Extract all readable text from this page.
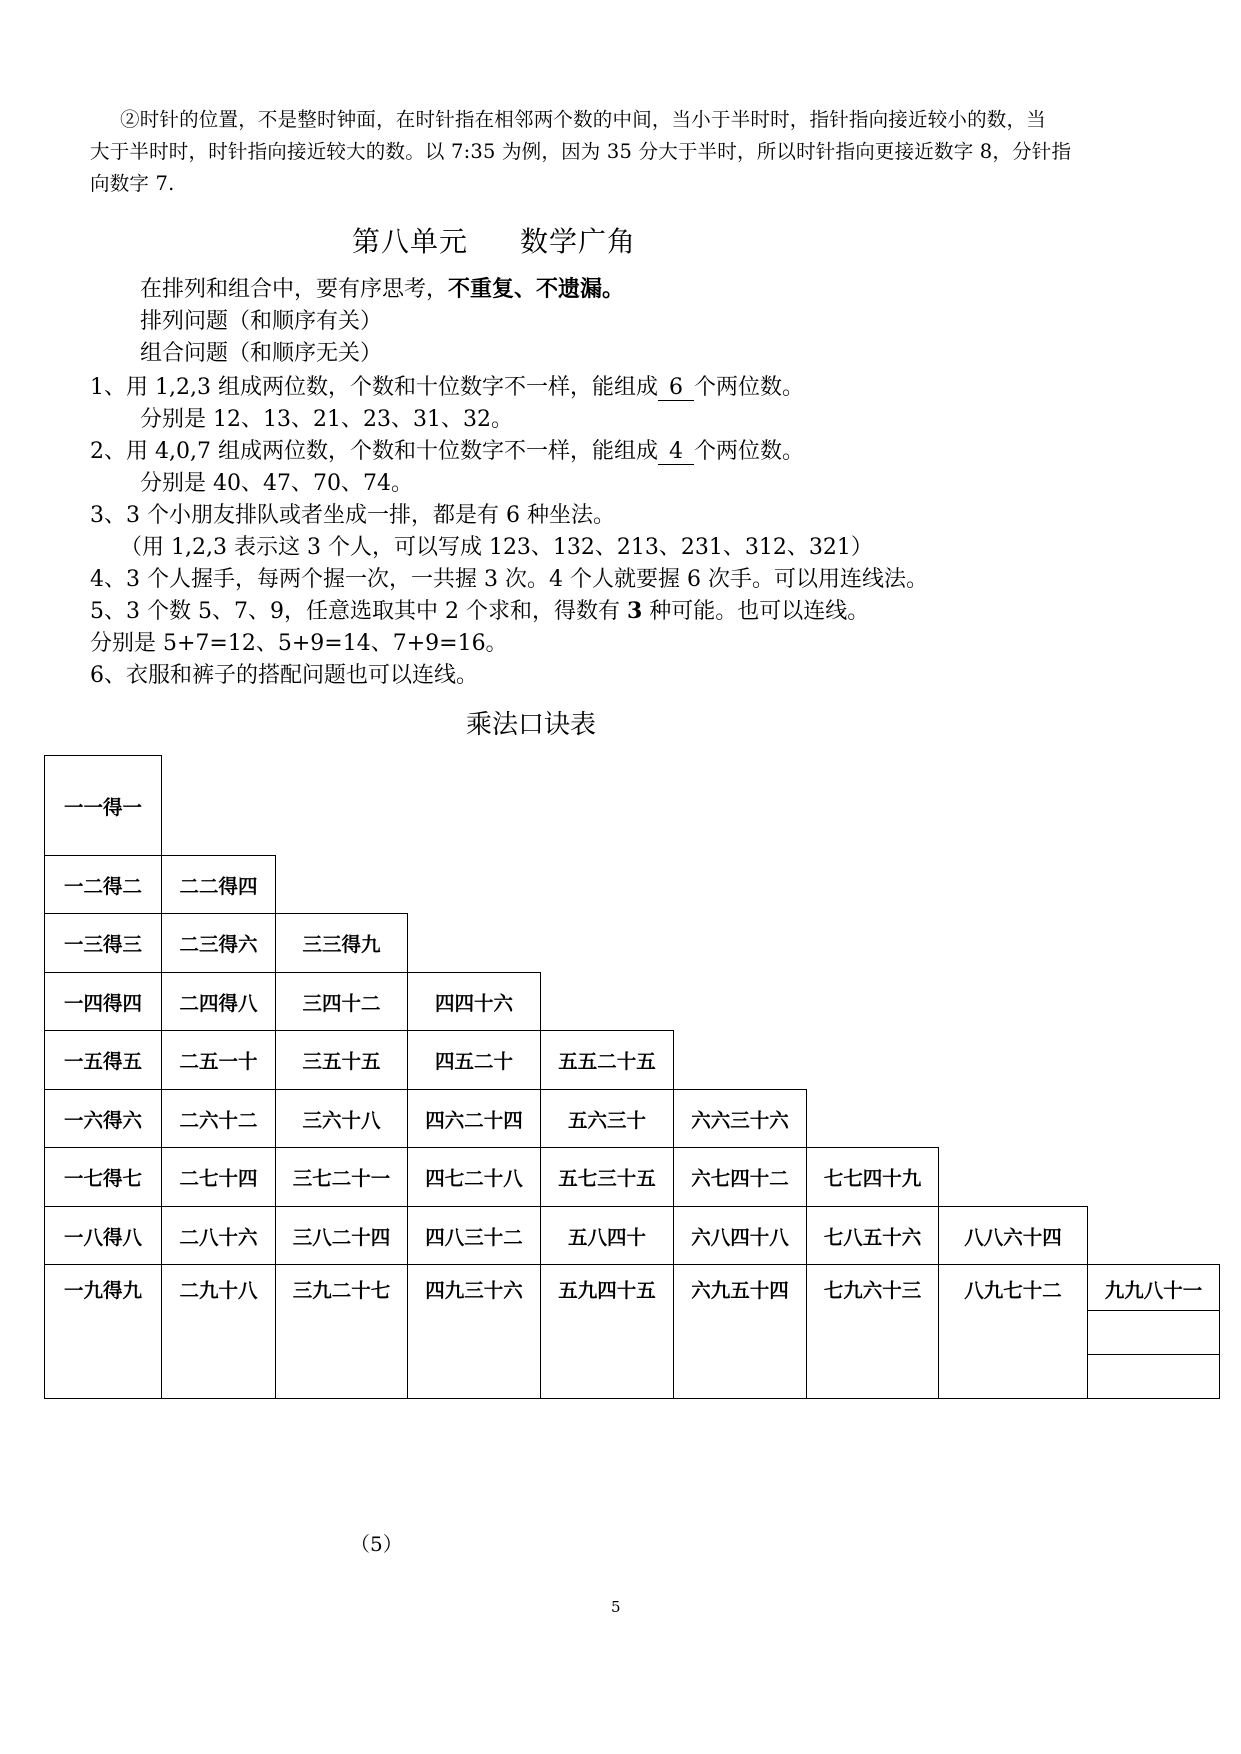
②时针的位置，不是整时钟面，在时针指在相邻两个数的中间，当小于半时时，指针指向接近较小的数，当
大于半时时，时针指向接近较大的数。以 7:35 为例，因为 35 分大于半时，所以时针指向更接近数字 8，分针指
向数字 7.
第八单元 数学广角
在排列和组合中，要有序思考，不重复、不遗漏。
排列问题（和顺序有关）
组合问题（和顺序无关）
1、用 1,2,3 组成两位数，个数和十位数字不一样，能组成 6 个两位数。
分别是 12、13、21、23、31、32。
2、用 4,0,7 组成两位数，个数和十位数字不一样，能组成 4 个两位数。
分别是 40、47、70、74。
3、3 个小朋友排队或者坐成一排，都是有 6 种坐法。
（用 1,2,3 表示这 3 个人，可以写成 123、132、213、231、312、321）
4、3 个人握手，每两个握一次，一共握 3 次。4 个人就要握 6 次手。可以用连线法。
5、3 个数 5、7、9，任意选取其中 2 个求和，得数有 3 种可能。也可以连线。
分别是 5+7=12、5+9=14、7+9=16。
6、衣服和裤子的搭配问题也可以连线。
乘法口诀表
一一得一
一二得二	二二得四
一三得三	二三得六	三三得九
一四得四	二四得八	三四十二	四四十六
一五得五	二五一十	三五十五	四五二十	五五二十五
一六得六	二六十二	三六十八	四六二十四	五六三十	六六三十六
一七得七	二七十四	三七二十一	四七二十八	五七三十五	六七四十二	七七四十九
一八得八	二八十六	三八二十四	四八三十二	五八四十	六八四十八	七八五十六	八八六十四
一九得九	二九十八	三九二十七	四九三十六	五九四十五	六九五十四	七九六十三	八九七十二	九九八十一
（5）
5
